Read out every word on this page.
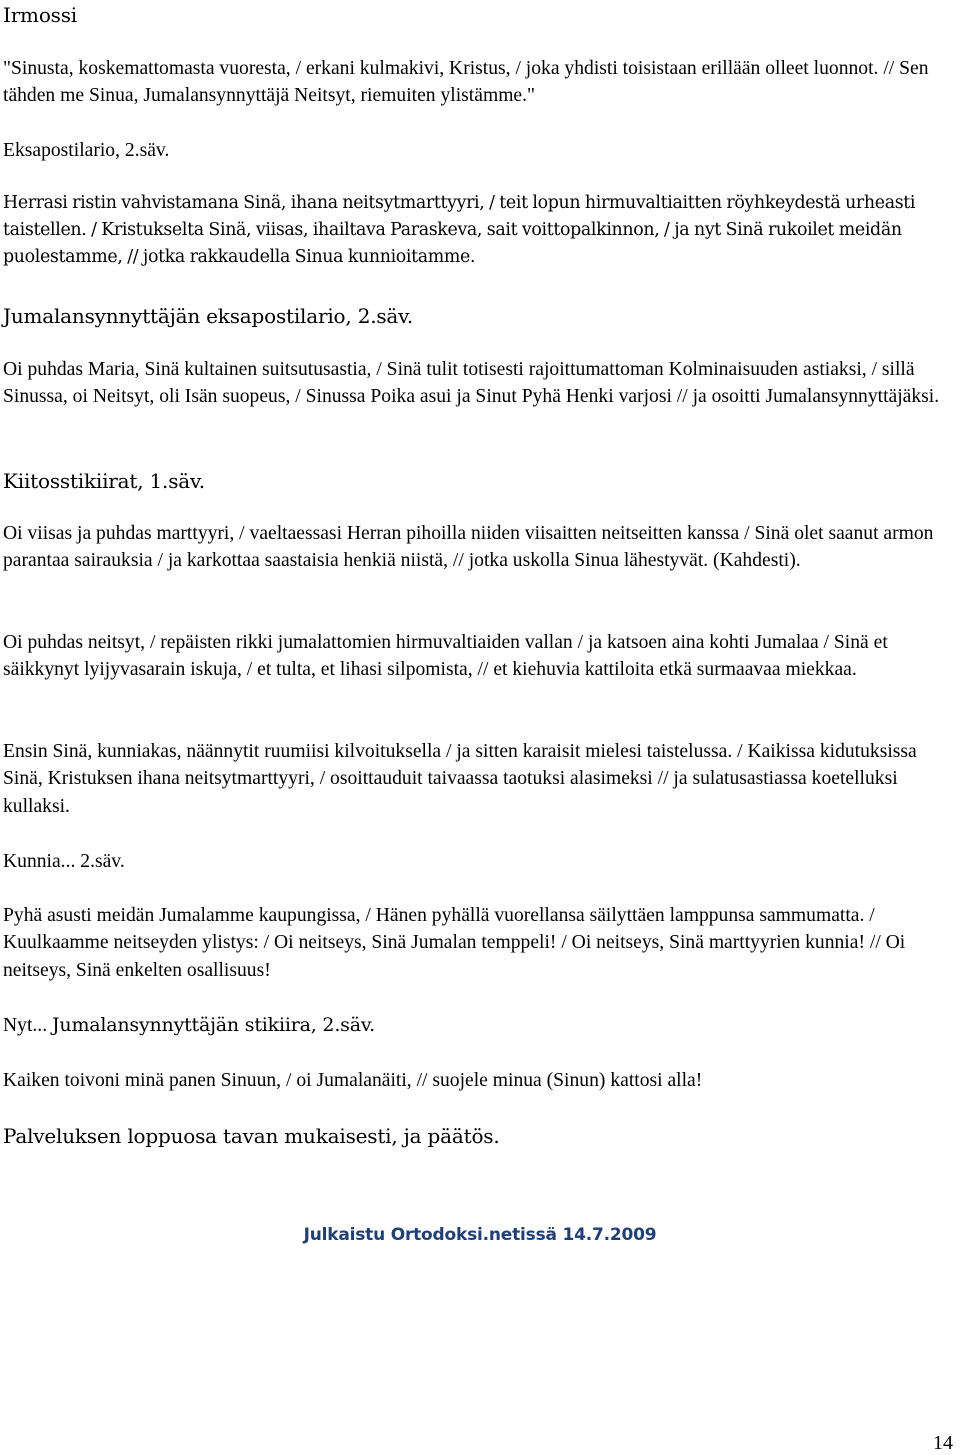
Irmossi
"Sinusta, koskemattomasta vuoresta, / erkani kulmakivi, Kristus, / joka yhdisti toisistaan erillään olleet luonnot. // Sen tähden me Sinua, Jumalansynnyttäjä Neitsyt, riemuiten ylistämme."
Eksapostilario, 2.säv.
Herrasi ristin vahvistamana Sinä, ihana neitsytmarttyyri, / teit lopun hirmuvaltiaitten röyhkeydestä urheasti taistellen. / Kristukselta Sinä, viisas, ihailtava Paraskeva, sait voittopalkinnon, / ja nyt Sinä rukoilet meidän puolestamme, // jotka rakkaudella Sinua kunnioitamme.
Jumalansynnyttäjän eksapostilario, 2.säv.
Oi puhdas Maria, Sinä kultainen suitsutusastia, / Sinä tulit totisesti rajoittumattoman Kolminaisuuden astiaksi, / sillä Sinussa, oi Neitsyt, oli Isän suopeus, / Sinussa Poika asui ja Sinut Pyhä Henki varjosi // ja osoitti Jumalansynnyttäjäksi.
Kiitosstikiirat, 1.säv.
Oi viisas ja puhdas marttyyri, / vaeltaessasi Herran pihoilla niiden viisaitten neitseitten kanssa / Sinä olet saanut armon parantaa sairauksia / ja karkottaa saastaisia henkiä niistä, // jotka uskolla Sinua lähestyvät. (Kahdesti).
Oi puhdas neitsyt, / repäisten rikki jumalattomien hirmuvaltiaiden vallan / ja katsoen aina kohti Jumalaa / Sinä et säikkynyt lyijyvasarain iskuja, / et tulta, et lihasi silpomista, // et kiehuvia kattiloita etkä surmaavaa miekkaa.
Ensin Sinä, kunniakas, näännytit ruumiisi kilvoituksella / ja sitten karaisit mielesi taistelussa. / Kaikissa kidutuksissa Sinä, Kristuksen ihana neitsytmarttyyri, / osoittauduit taivaassa taotuksi alasimeksi // ja sulatusastiassa koetelluksi kullaksi.
Kunnia... 2.säv.
Pyhä asusti meidän Jumalamme kaupungissa, / Hänen pyhällä vuorellansa säilyttäen lamppunsa sammumatta. / Kuulkaamme neitseyden ylistys: / Oi neitseys, Sinä Jumalan temppeli! / Oi neitseys, Sinä marttyyrien kunnia! // Oi neitseys, Sinä enkelten osallisuus!
Nyt... Jumalansynnyttäjän stikiira, 2.säv.
Kaiken toivoni minä panen Sinuun, / oi Jumalanäiti, // suojele minua (Sinun) kattosi alla!
Palveluksen loppuosa tavan mukaisesti, ja päätös.
Julkaistu Ortodoksi.netissä 14.7.2009
14
